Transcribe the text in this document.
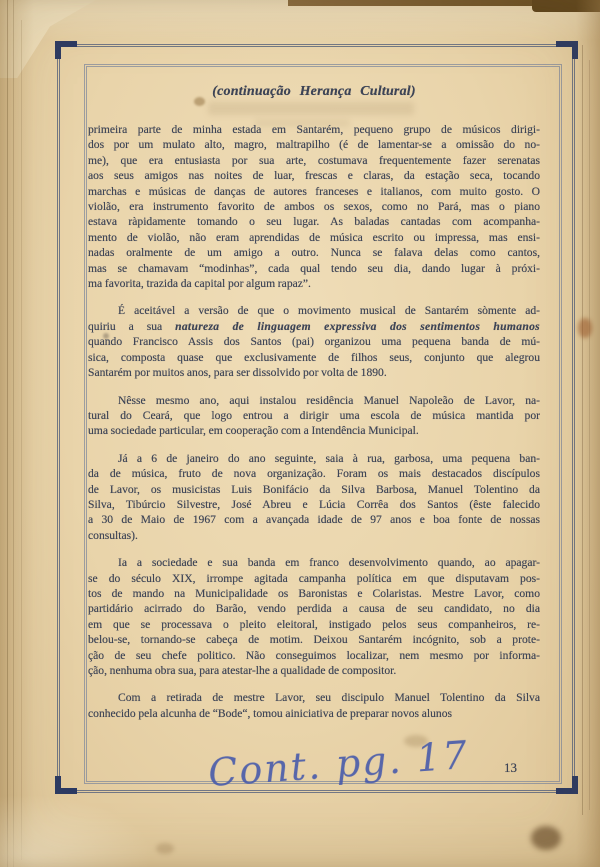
(continuação Herança Cultural)
primeira parte de minha estada em Santarém, pequeno grupo de músicos dirigi-
dos por um mulato alto, magro, maltrapilho (é de lamentar-se a omissão do no-
me), que era entusiasta por sua arte, costumava frequentemente fazer serenatas
aos seus amigos nas noites de luar, frescas e claras, da estação seca, tocando
marchas e músicas de danças de autores franceses e italianos, com muito gosto. O
violão, era instrumento favorito de ambos os sexos, como no Pará, mas o piano
estava ràpidamente tomando o seu lugar. As baladas cantadas com acompanha-
mento de violão, não eram aprendidas de música escrito ou impressa, mas ensi-
nadas oralmente de um amigo a outro. Nunca se falava delas como cantos,
mas se chamavam “modinhas”, cada qual tendo seu dia, dando lugar à próxi-
ma favorita, trazida da capital por algum rapaz”.
É aceitável a versão de que o movimento musical de Santarém sòmente ad-
quiriu a sua natureza de linguagem expressiva dos sentimentos humanos
quando Francisco Assis dos Santos (pai) organizou uma pequena banda de mú-
sica, composta quase que exclusivamente de filhos seus, conjunto que alegrou
Santarém por muitos anos, para ser dissolvido por volta de 1890.
Nêsse mesmo ano, aqui instalou residência Manuel Napoleão de Lavor, na-
tural do Ceará, que logo entrou a dirigir uma escola de música mantida por
uma sociedade particular, em cooperação com a Intendência Municipal.
Já a 6 de janeiro do ano seguinte, saia à rua, garbosa, uma pequena ban-
da de música, fruto de nova organização. Foram os mais destacados discípulos
de Lavor, os musicistas Luis Bonifácio da Silva Barbosa, Manuel Tolentino da
Silva, Tibúrcio Silvestre, José Abreu e Lúcia Corrêa dos Santos (êste falecido
a 30 de Maio de 1967 com a avançada idade de 97 anos e boa fonte de nossas
consultas).
Ia a sociedade e sua banda em franco desenvolvimento quando, ao apagar-
se do século XIX, irrompe agitada campanha política em que disputavam pos-
tos de mando na Municipalidade os Baronistas e Colaristas. Mestre Lavor, como
partidário acirrado do Barão, vendo perdida a causa de seu candidato, no dia
em que se processava o pleito eleitoral, instigado pelos seus companheiros, re-
belou-se, tornando-se cabeça de motim. Deixou Santarém incógnito, sob a prote-
ção de seu chefe politico. Não conseguimos localizar, nem mesmo por informa-
ção, nenhuma obra sua, para atestar-lhe a qualidade de compositor.
Com a retirada de mestre Lavor, seu discipulo Manuel Tolentino da Silva
conhecido pela alcunha de “Bode“, tomou ainiciativa de preparar novos alunos
13
Cont. pg. 17
